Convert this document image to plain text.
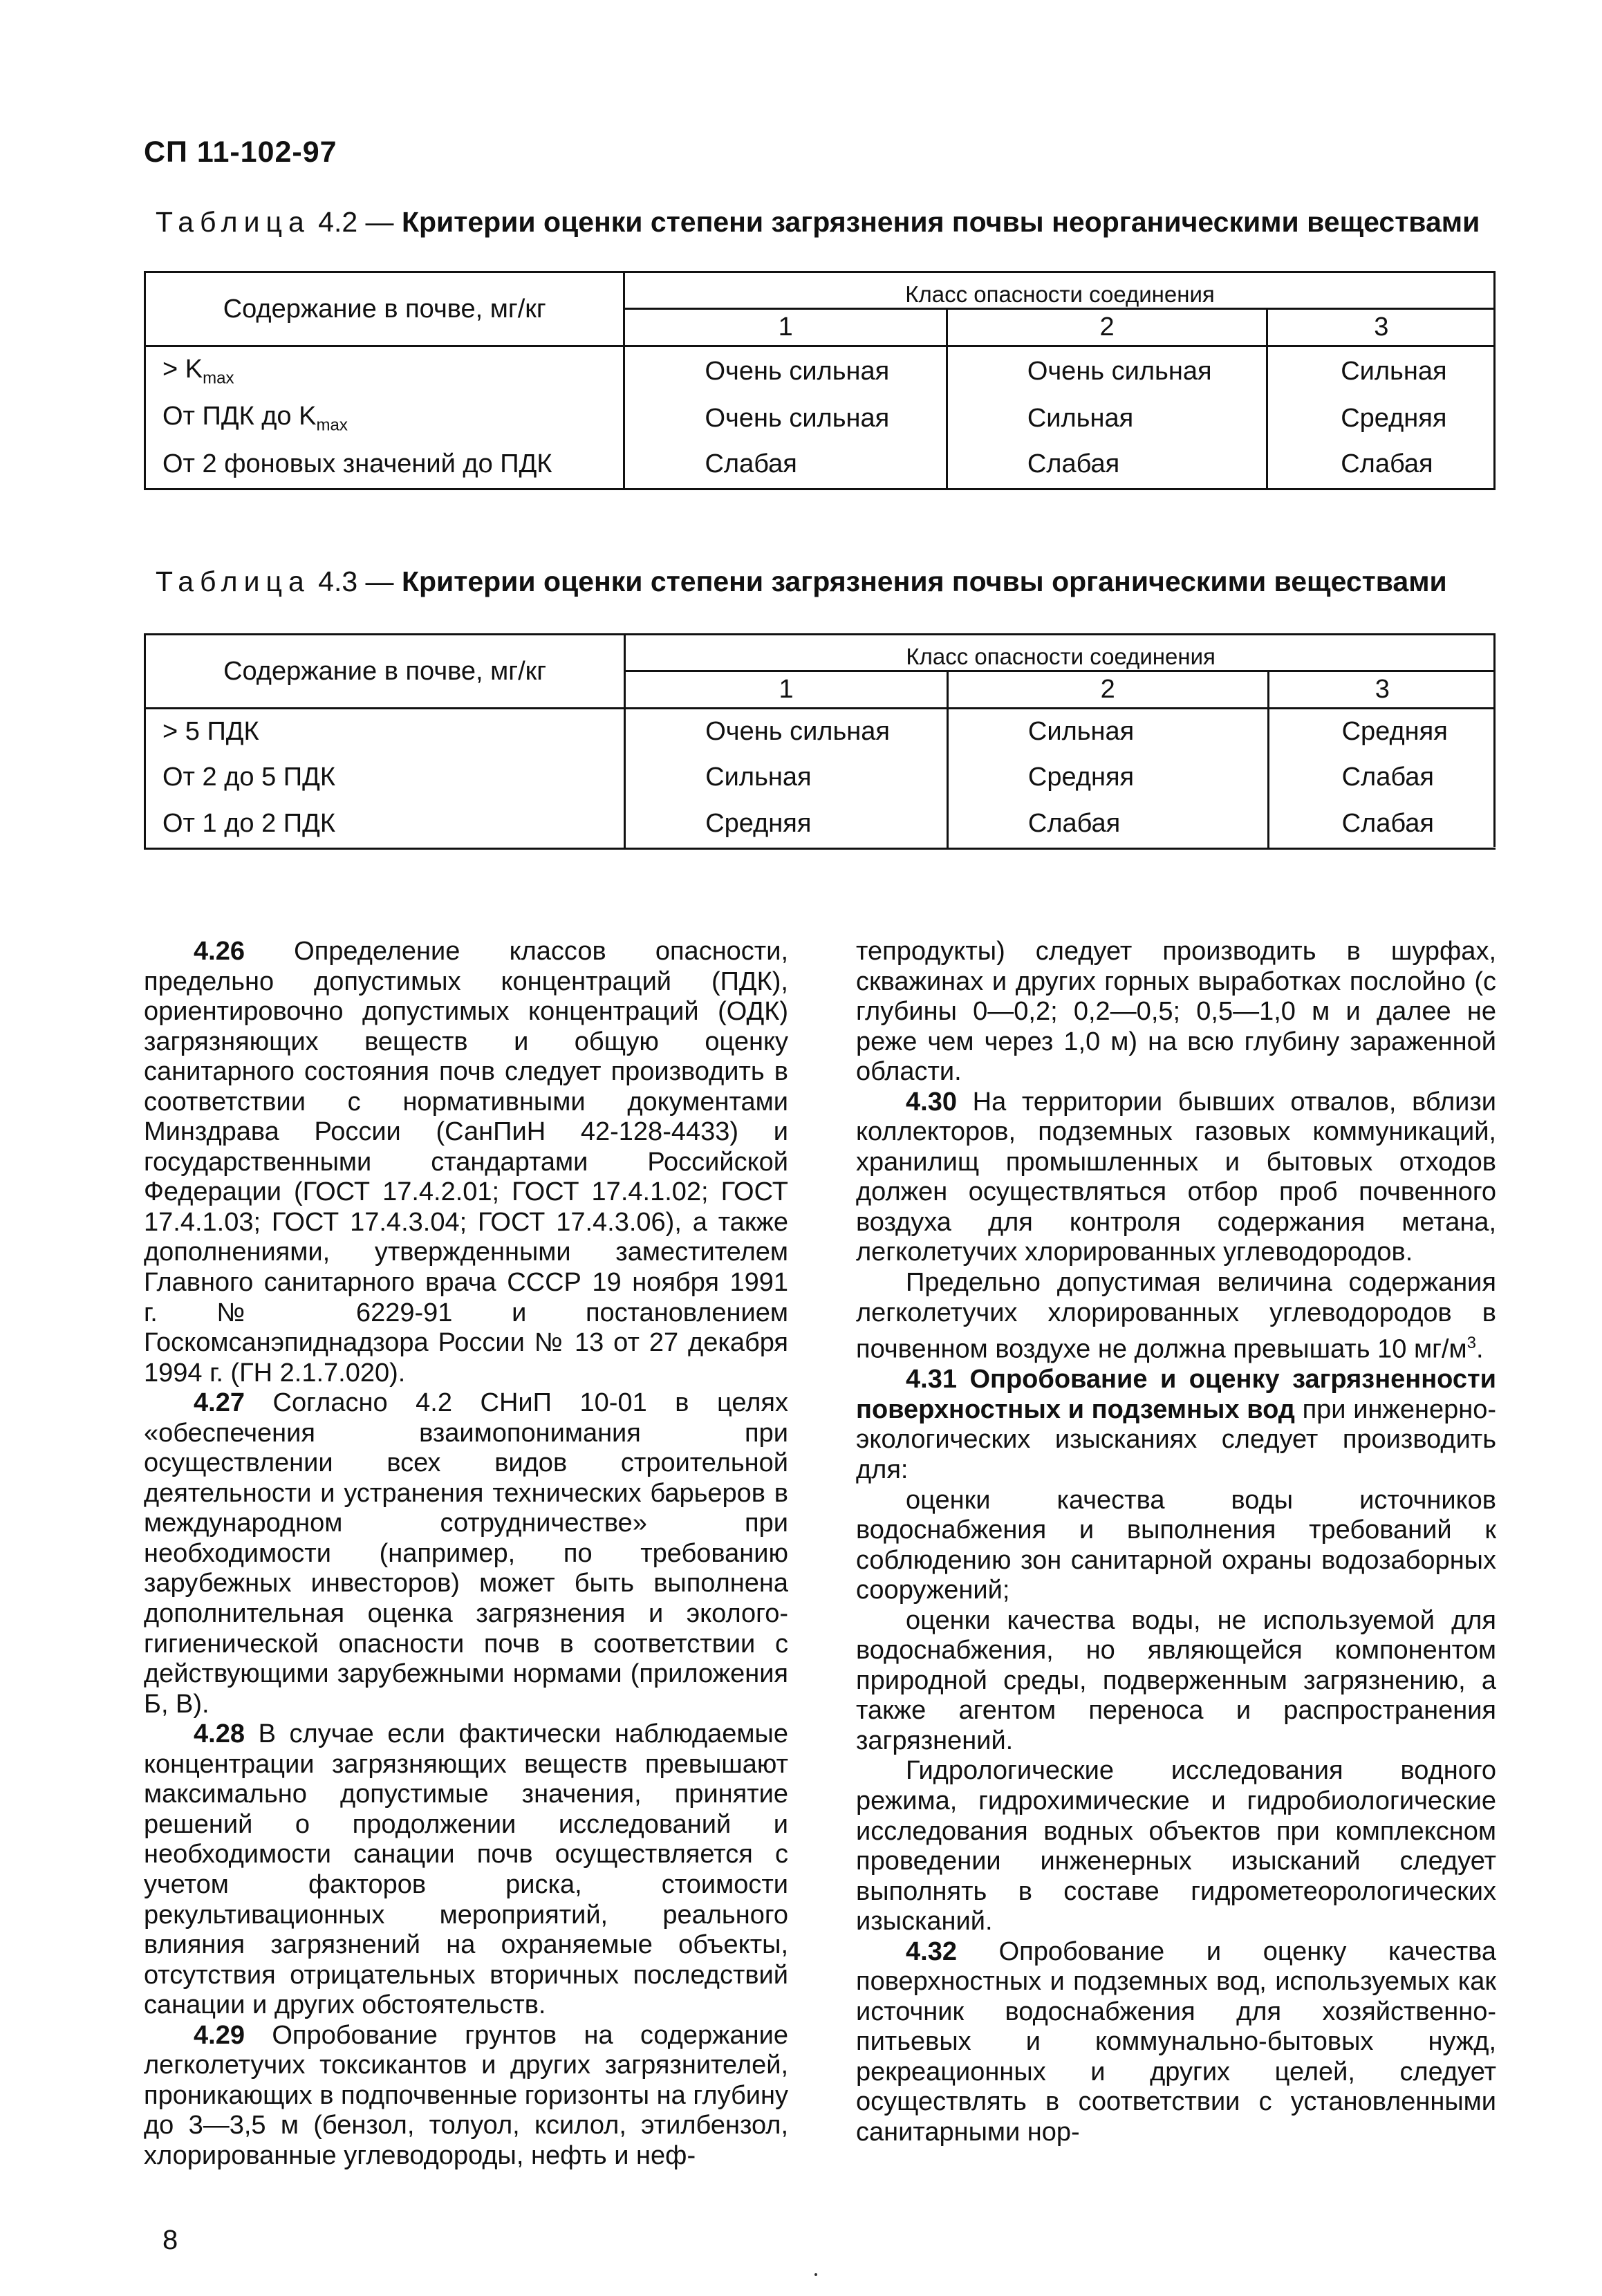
СП 11-102-97
Таблица 4.2 — Критерии оценки степени загрязнения почвы неорганическими веществами
Содержание в почве, мг/кг	Класс опасности соединения		
	1	2	3
> $K_{max}$	Очень сильная	Очень сильная	Сильная
От ПДК до $K_{max}$	Очень сильная	Сильная	Средняя
От 2 фоновых значений до ПДК	Слабая	Слабая	Слабая
Таблица 4.3 — Критерии оценки степени загрязнения почвы органическими веществами
Содержание в почве, мг/кг	Класс опасности соединения		
	1	2	3
> 5 ПДК	Очень сильная	Сильная	Средняя
От 2 до 5 ПДК	Сильная	Средняя	Слабая
От 1 до 2 ПДК	Средняя	Слабая	Слабая

4.26 Определение классов опасности, предельно допустимых концентраций (ПДК), ориентировочно допустимых концентраций (ОДК) загрязняющих веществ и общую оценку санитарного состояния почв следует производить в соответствии с нормативными документами Минздрава России (СанПиН 42-128-4433) и государственными стандартами Российской Федерации (ГОСТ 17.4.2.01; ГОСТ 17.4.1.02; ГОСТ 17.4.1.03; ГОСТ 17.4.3.04; ГОСТ 17.4.3.06), а также дополнениями, утвержденными заместителем Главного санитарного врача СССР 19 ноября 1991 г. № 6229-91 и постановлением Госкомсанэпиднадзора России № 13 от 27 декабря 1994 г. (ГН 2.1.7.020).

4.27 Согласно 4.2 СНиП 10-01 в целях «обеспечения взаимопонимания при осуществлении всех видов строительной деятельности и устранения технических барьеров в международном сотрудничестве» при необходимости (например, по требованию зарубежных инвесторов) может быть выполнена дополнительная оценка загрязнения и эколого-гигиенической опасности почв в соответствии с действующими зарубежными нормами (приложения Б, В).

4.28 В случае если фактически наблюдаемые концентрации загрязняющих веществ превышают максимально допустимые значения, принятие решений о продолжении исследований и необходимости санации почв осуществляется с учетом факторов риска, стоимости рекультивационных мероприятий, реального влияния загрязнений на охраняемые объекты, отсутствия отрицательных вторичных последствий санации и других обстоятельств.

4.29 Опробование грунтов на содержание легколетучих токсикантов и других загрязнителей, проникающих в подпочвенные горизонты на глубину до 3—3,5 м (бензол, толуол, ксилол, этилбензол, хлорированные углеводороды, нефть и неф-

тепродукты) следует производить в шурфах, скважинах и других горных выработках послойно (с глубины 0—0,2; 0,2—0,5; 0,5—1,0 м и далее не реже чем через 1,0 м) на всю глубину зараженной области.

4.30 На территории бывших отвалов, вблизи коллекторов, подземных газовых коммуникаций, хранилищ промышленных и бытовых отходов должен осуществляться отбор проб почвенного воздуха для контроля содержания метана, легколетучих хлорированных углеводородов.

Предельно допустимая величина содержания легколетучих хлорированных углеводородов в почвенном воздухе не должна превышать 10 $мг/м^3$.

4.31 Опробование и оценку загрязненности поверхностных и подземных вод при инженерно-экологических изысканиях следует производить для:

оценки качества воды источников водоснабжения и выполнения требований к соблюдению зон санитарной охраны водозаборных сооружений;

оценки качества воды, не используемой для водоснабжения, но являющейся компонентом природной среды, подверженным загрязнению, а также агентом переноса и распространения загрязнений.

Гидрологические исследования водного режима, гидрохимические и гидробиологические исследования водных объектов при комплексном проведении инженерных изысканий следует выполнять в составе гидрометеорологических изысканий.

4.32 Опробование и оценку качества поверхностных и подземных вод, используемых как источник водоснабжения для хозяйственно-питьевых и коммунально-бытовых нужд, рекреационных и других целей, следует осуществлять в соответствии с установленными санитарными нор-

8
